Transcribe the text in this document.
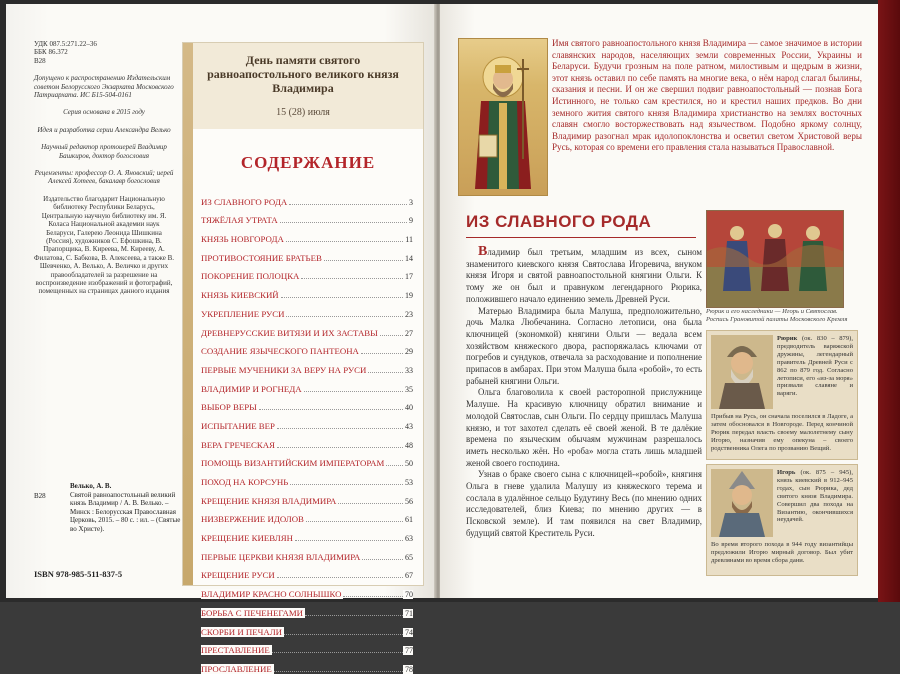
УДК 087.5:271.22–36
ББК 86.372
В28

Допущено к распространению Издательским советом Белорусского Экзархата Московского Патриархата. ИС Б15-504-0161

Серия основана в 2015 году

Идея и разработка серии Александра Велько

Научный редактор протоиерей Владимир Башкиров, доктор богословия

Рецензенты: профессор О. А. Яновский; иерей Алексей Хотеев, бакалавр богословия

Издательство благодарит Национальную библиотеку Республики Беларусь, Центральную научную библиотеку им. Я. Коласа Национальной академии наук Беларуси, Галерею Леонида Шишкина (Россия), художников С. Ефошкина, В. Прапорщика, В. Киреева, М. Кирееву, А. Филатова, С. Бабкова, В. Алексеева, а также В. Шевченко, А. Велько, А. Величко и других правообладателей за разрешение на воспроизведение изображений и фотографий, помещенных на страницах данного издания

Велько, А. В.
Святой равноапостольный великий князь Владимир / А. В. Велько. – Минск : Белорусская Православная Церковь, 2015. – 80 с. : ил. – (Святые во Христе).
В28
ISBN 978-985-511-837-5
День памяти святого равноапостольного великого князя Владимира
15 (28) июля
СОДЕРЖАНИЕ
ИЗ СЛАВНОГО РОДА	3
ТЯЖЁЛАЯ УТРАТА	9
КНЯЗЬ НОВГОРОДА	11
ПРОТИВОСТОЯНИЕ БРАТЬЕВ	14
ПОКОРЕНИЕ ПОЛОЦКА	17
КНЯЗЬ КИЕВСКИЙ	19
УКРЕПЛЕНИЕ РУСИ	23
ДРЕВНЕРУССКИЕ ВИТЯЗИ И ИХ ЗАСТАВЫ	27
СОЗДАНИЕ ЯЗЫЧЕСКОГО ПАНТЕОНА	29
ПЕРВЫЕ МУЧЕНИКИ ЗА ВЕРУ НА РУСИ	33
ВЛАДИМИР И РОГНЕДА	35
ВЫБОР ВЕРЫ	40
ИСПЫТАНИЕ ВЕР	43
ВЕРА ГРЕЧЕСКАЯ	48
ПОМОЩЬ ВИЗАНТИЙСКИМ ИМПЕРАТОРАМ	50
ПОХОД НА КОРСУНЬ	53
КРЕЩЕНИЕ КНЯЗЯ ВЛАДИМИРА	56
НИЗВЕРЖЕНИЕ ИДОЛОВ	61
КРЕЩЕНИЕ КИЕВЛЯН	63
ПЕРВЫЕ ЦЕРКВИ КНЯЗЯ ВЛАДИМИРА	65
КРЕЩЕНИЕ РУСИ	67
ВЛАДИМИР КРАСНО СОЛНЫШКО	70
БОРЬБА С ПЕЧЕНЕГАМИ	71
СКОРБИ И ПЕЧАЛИ	74
ПРЕСТАВЛЕНИЕ	77
ПРОСЛАВЛЕНИЕ	78

Имя святого равноапостольного князя Владимира — самое значимое в истории славянских народов, населяющих земли современных России, Украины и Беларуси. Будучи грозным на поле ратном, милостивым и щедрым в жизни, этот князь оставил по себе память на многие века, о нём народ слагал былины, сказания и песни. И он же свершил подвиг равноапостольный — познав Бога Истинного, не только сам крестился, но и крестил наших предков. Во дни земного жития святого князя Владимира христианство на землях восточных славян смогло восторжествовать над язычеством. Подобно яркому солнцу, Владимир разогнал мрак идолопоклонства и осветил светом Христовой веры Русь, которая со времени его правления стала называться Православной.

ИЗ СЛАВНОГО РОДА

Владимир был третьим, младшим из всех, сыном знаменитого киевского князя Святослава Игоревича, внуком князя Игоря и святой равноапостольной княгини Ольги. К тому же он был и правнуком легендарного Рюрика, положившего начало единению земель Древней Руси.

Матерью Владимира была Малуша, предположительно, дочь Малка Любечанина. Согласно летописи, она была ключницей (экономкой) княгини Ольги — ведала всем хозяйством княжеского двора, распоряжалась ключами от погребов и сундуков, отвечала за расходование и пополнение припасов в амбарах. При этом Малуша была «робой», то есть рабыней княгини Ольги.

Ольга благоволила к своей расторопной прислужнице Малуше. На красивую ключницу обратил внимание и молодой Святослав, сын Ольги. По сердцу пришлась Малуша князю, и тот захотел сделать её своей женой. В те далёкие времена по языческим обычаям мужчинам разрешалось иметь несколько жён. Но «роба» могла стать лишь младшей женой своего господина.

Узнав о браке своего сына с ключницей-«робой», княгиня Ольга в гневе удалила Малушу из княжеского терема и сослала в удалённое сельцо Будутину Весь (по мнению одних исследователей, близ Киева; по мнению других — в Псковской земле). И там появился на свет Владимир, будущий святой Креститель Руси.

Рюрик и его наследники — Игорь и Святослав. Роспись Грановитой палаты Московского Кремля
Рюрик (ок. 830 – 879), предводитель варяжской дружины, легендарный правитель Древней Руси с 862 по 879 год. Согласно летописи, его «из-за моря» призвали славяне и варяги.
Прибыв на Русь, он сначала поселился в Ладоге, а затем обосновался в Новгороде. Перед кончиной Рюрик передал власть своему малолетнему сыну Игорю, назначив ему опекуна – своего родственника Олега по прозванию Вещий.
Игорь (ок. 875 – 945), князь киевский в 912–945 годах, сын Рюрика, дед святого князя Владимира. Совершил два похода на Византию, окончившихся неудачей.
Во время второго похода в 944 году византийцы предложили Игорю мирный договор. Был убит древлянами во время сбора дани.
